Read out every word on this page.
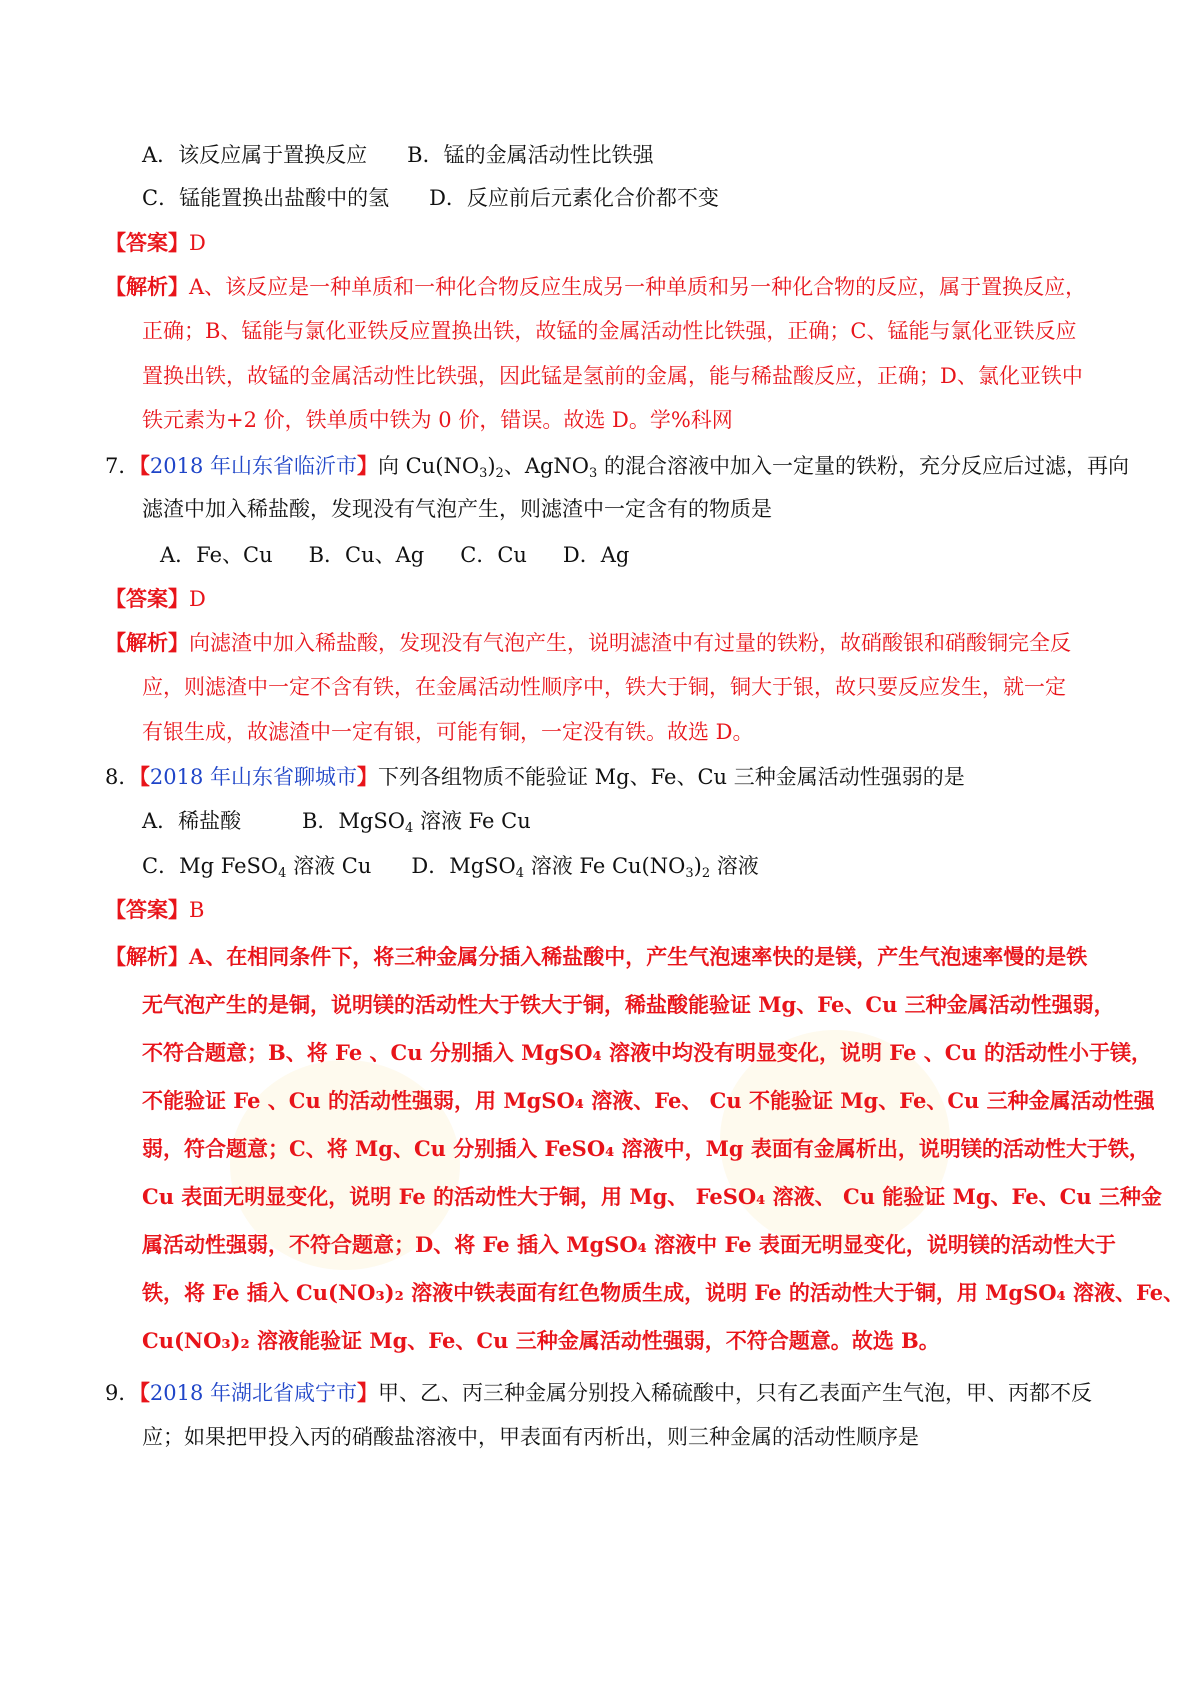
A．该反应属于置换反应 B．锰的金属活动性比铁强
C．锰能置换出盐酸中的氢 D．反应前后元素化合价都不变
【答案】D
【解析】A、该反应是一种单质和一种化合物反应生成另一种单质和另一种化合物的反应，属于置换反应，
正确；B、锰能与氯化亚铁反应置换出铁，故锰的金属活动性比铁强，正确；C、锰能与氯化亚铁反应
置换出铁，故锰的金属活动性比铁强，因此锰是氢前的金属，能与稀盐酸反应，正确；D、氯化亚铁中
铁元素为+2 价，铁单质中铁为 0 价，错误。故选 D。学%科网
7．【2018 年山东省临沂市】向 $Cu(NO_3)_2$、AgNO$_3$ 的混合溶液中加入一定量的铁粉，充分反应后过滤，再向
滤渣中加入稀盐酸，发现没有气泡产生，则滤渣中一定含有的物质是
A．Fe、Cu B．Cu、Ag C．Cu D．Ag
【答案】D
【解析】向滤渣中加入稀盐酸，发现没有气泡产生，说明滤渣中有过量的铁粉，故硝酸银和硝酸铜完全反
应，则滤渣中一定不含有铁，在金属活动性顺序中，铁大于铜，铜大于银，故只要反应发生，就一定
有银生成，故滤渣中一定有银，可能有铜，一定没有铁。故选 D。
8．【2018 年山东省聊城市】下列各组物质不能验证 Mg、Fe、Cu 三种金属活动性强弱的是
A．稀盐酸	B．MgSO$_4$ 溶液 Fe Cu
C．Mg FeSO$_4$ 溶液 Cu D．MgSO$_4$ 溶液 Fe $Cu(NO_3)_2$ 溶液
【答案】B
【解析】A、在相同条件下，将三种金属分插入稀盐酸中，产生气泡速率快的是镁，产生气泡速率慢的是铁
无气泡产生的是铜，说明镁的活动性大于铁大于铜，稀盐酸能验证 Mg、Fe、Cu 三种金属活动性强弱，
不符合题意；B、将 Fe 、Cu 分别插入 MgSO₄ 溶液中均没有明显变化，说明 Fe 、Cu 的活动性小于镁，
不能验证 Fe 、Cu 的活动性强弱，用 MgSO₄ 溶液、Fe、 Cu 不能验证 Mg、Fe、Cu 三种金属活动性强
弱，符合题意；C、将 Mg、Cu 分别插入 FeSO₄ 溶液中，Mg 表面有金属析出，说明镁的活动性大于铁，
Cu 表面无明显变化，说明 Fe 的活动性大于铜，用 Mg、 FeSO₄ 溶液、 Cu 能验证 Mg、Fe、Cu 三种金
属活动性强弱，不符合题意；D、将 Fe 插入 MgSO₄ 溶液中 Fe 表面无明显变化，说明镁的活动性大于
铁，将 Fe 插入 Cu(NO₃)₂ 溶液中铁表面有红色物质生成，说明 Fe 的活动性大于铜，用 MgSO₄ 溶液、Fe、
Cu(NO₃)₂ 溶液能验证 Mg、Fe、Cu 三种金属活动性强弱，不符合题意。故选 B。
9．【2018 年湖北省咸宁市】甲、乙、丙三种金属分别投入稀硫酸中，只有乙表面产生气泡，甲、丙都不反
应；如果把甲投入丙的硝酸盐溶液中，甲表面有丙析出，则三种金属的活动性顺序是
